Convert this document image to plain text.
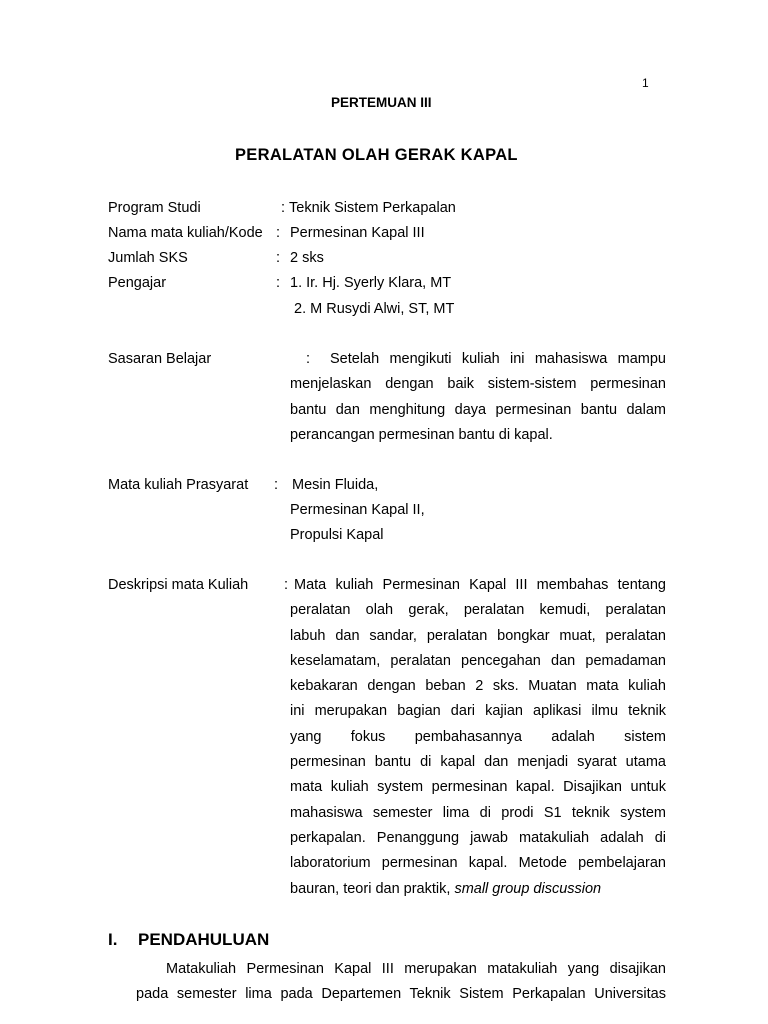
1
PERTEMUAN III
PERALATAN OLAH GERAK KAPAL
Program Studi	: Teknik Sistem Perkapalan
Nama mata kuliah/Kode : Permesinan Kapal III
Jumlah SKS	: 2 sks
Pengajar	: 1. Ir. Hj. Syerly Klara, MT
2. M Rusydi Alwi, ST, MT
Sasaran Belajar	:	Setelah mengikuti kuliah ini mahasiswa mampu
menjelaskan dengan baik sistem-sistem permesinan
bantu dan menghitung daya permesinan bantu dalam
perancangan permesinan bantu di kapal.
Mata kuliah Prasyarat : Mesin Fluida,
Permesinan Kapal II,
Propulsi Kapal
Deskripsi mata Kuliah : Mata kuliah Permesinan Kapal III membahas tentang
peralatan olah gerak, peralatan kemudi, peralatan
labuh dan sandar, peralatan bongkar muat, peralatan
keselamatam, peralatan pencegahan dan pemadaman
kebakaran dengan beban 2 sks. Muatan mata kuliah
ini merupakan bagian dari kajian aplikasi ilmu teknik
yang fokus pembahasannya adalah sistem
permesinan bantu di kapal dan menjadi syarat utama
mata kuliah system permesinan kapal. Disajikan untuk
mahasiswa semester lima di prodi S1 teknik system
perkapalan. Penanggung jawab matakuliah adalah di
laboratorium permesinan kapal. Metode pembelajaran
bauran, teori dan praktik, small group discussion
I. PENDAHULUAN
Matakuliah Permesinan Kapal III merupakan matakuliah yang disajikan
pada semester lima pada Departemen Teknik Sistem Perkapalan Universitas
